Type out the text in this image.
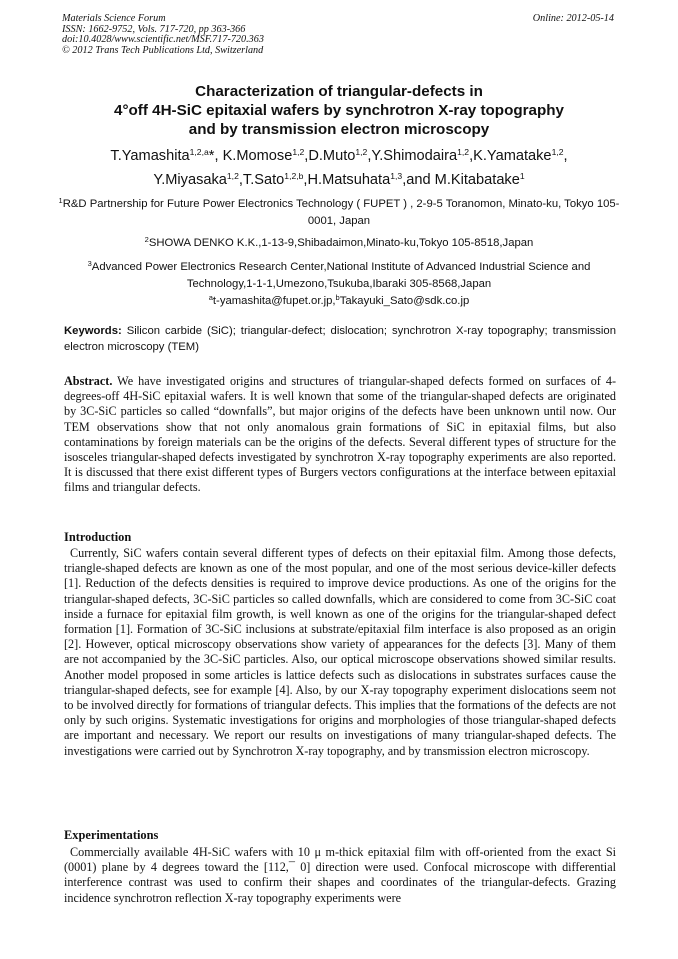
Materials Science Forum
ISSN: 1662-9752, Vols. 717-720, pp 363-366
doi:10.4028/www.scientific.net/MSF.717-720.363
© 2012 Trans Tech Publications Ltd, Switzerland
Online: 2012-05-14
Characterization of triangular-defects in
4°off 4H-SiC epitaxial wafers by synchrotron X-ray topography
and by transmission electron microscopy
T.Yamashita$^{1,2,a}$*, K.Momose$^{1,2}$,D.Muto$^{1,2}$,Y.Shimodaira$^{1,2}$,K.Yamatake$^{1,2}$,
Y.Miyasaka$^{1,2}$,T.Sato$^{1,2,b}$,H.Matsuhata$^{1,3}$,and M.Kitabatake$^1$
$^1$R&D Partnership for Future Power Electronics Technology ( FUPET ) , 2-9-5 Toranomon, Minato-ku, Tokyo 105-0001, Japan
$^2$SHOWA DENKO K.K.,1-13-9,Shibadaimon,Minato-ku,Tokyo 105-8518,Japan
$^3$Advanced Power Electronics Research Center,National Institute of Advanced Industrial Science and Technology,1-1-1,Umezono,Tsukuba,Ibaraki 305-8568,Japan
$^a$t-yamashita@fupet.or.jp,$^b$Takayuki_Sato@sdk.co.jp
Keywords: Silicon carbide (SiC); triangular-defect; dislocation; synchrotron X-ray topography; transmission electron microscopy (TEM)
Abstract. We have investigated origins and structures of triangular-shaped defects formed on surfaces of 4-degrees-off 4H-SiC epitaxial wafers. It is well known that some of the triangular-shaped defects are originated by 3C-SiC particles so called “downfalls”, but major origins of the defects have been unknown until now. Our TEM observations show that not only anomalous grain formations of SiC in epitaxial films, but also contaminations by foreign materials can be the origins of the defects. Several different types of structure for the isosceles triangular-shaped defects investigated by synchrotron X-ray topography experiments are also reported. It is discussed that there exist different types of Burgers vectors configurations at the interface between epitaxial films and triangular defects.
Introduction
Currently, SiC wafers contain several different types of defects on their epitaxial film. Among those defects, triangle-shaped defects are known as one of the most popular, and one of the most serious device-killer defects [1]. Reduction of the defects densities is required to improve device productions. As one of the origins for the triangular-shaped defects, 3C-SiC particles so called downfalls, which are considered to come from 3C-SiC coat inside a furnace for epitaxial film growth, is well known as one of the origins for the triangular-shaped defect formation [1]. Formation of 3C-SiC inclusions at substrate/epitaxial film interface is also proposed as an origin [2]. However, optical microscopy observations show variety of appearances for the defects [3]. Many of them are not accompanied by the 3C-SiC particles. Also, our optical microscope observations showed similar results. Another model proposed in some articles is lattice defects such as dislocations in substrates surfaces cause the triangular-shaped defects, see for example [4]. Also, by our X-ray topography experiment dislocations seem not to be involved directly for formations of triangular defects. This implies that the formations of the defects are not only by such origins. Systematic investigations for origins and morphologies of those triangular-shaped defects are important and necessary. We report our results on investigations of many triangular-shaped defects. The investigations were carried out by Synchrotron X-ray topography, and by transmission electron microscopy.
Experimentations
Commercially available 4H-SiC wafers with 10 μ m-thick epitaxial film with off-oriented from the exact Si (0001) plane by 4 degrees toward the [112,¯ 0] direction were used. Confocal microscope with differential interference contrast was used to confirm their shapes and coordinates of the triangular-defects. Grazing incidence synchrotron reflection X-ray topography experiments were
